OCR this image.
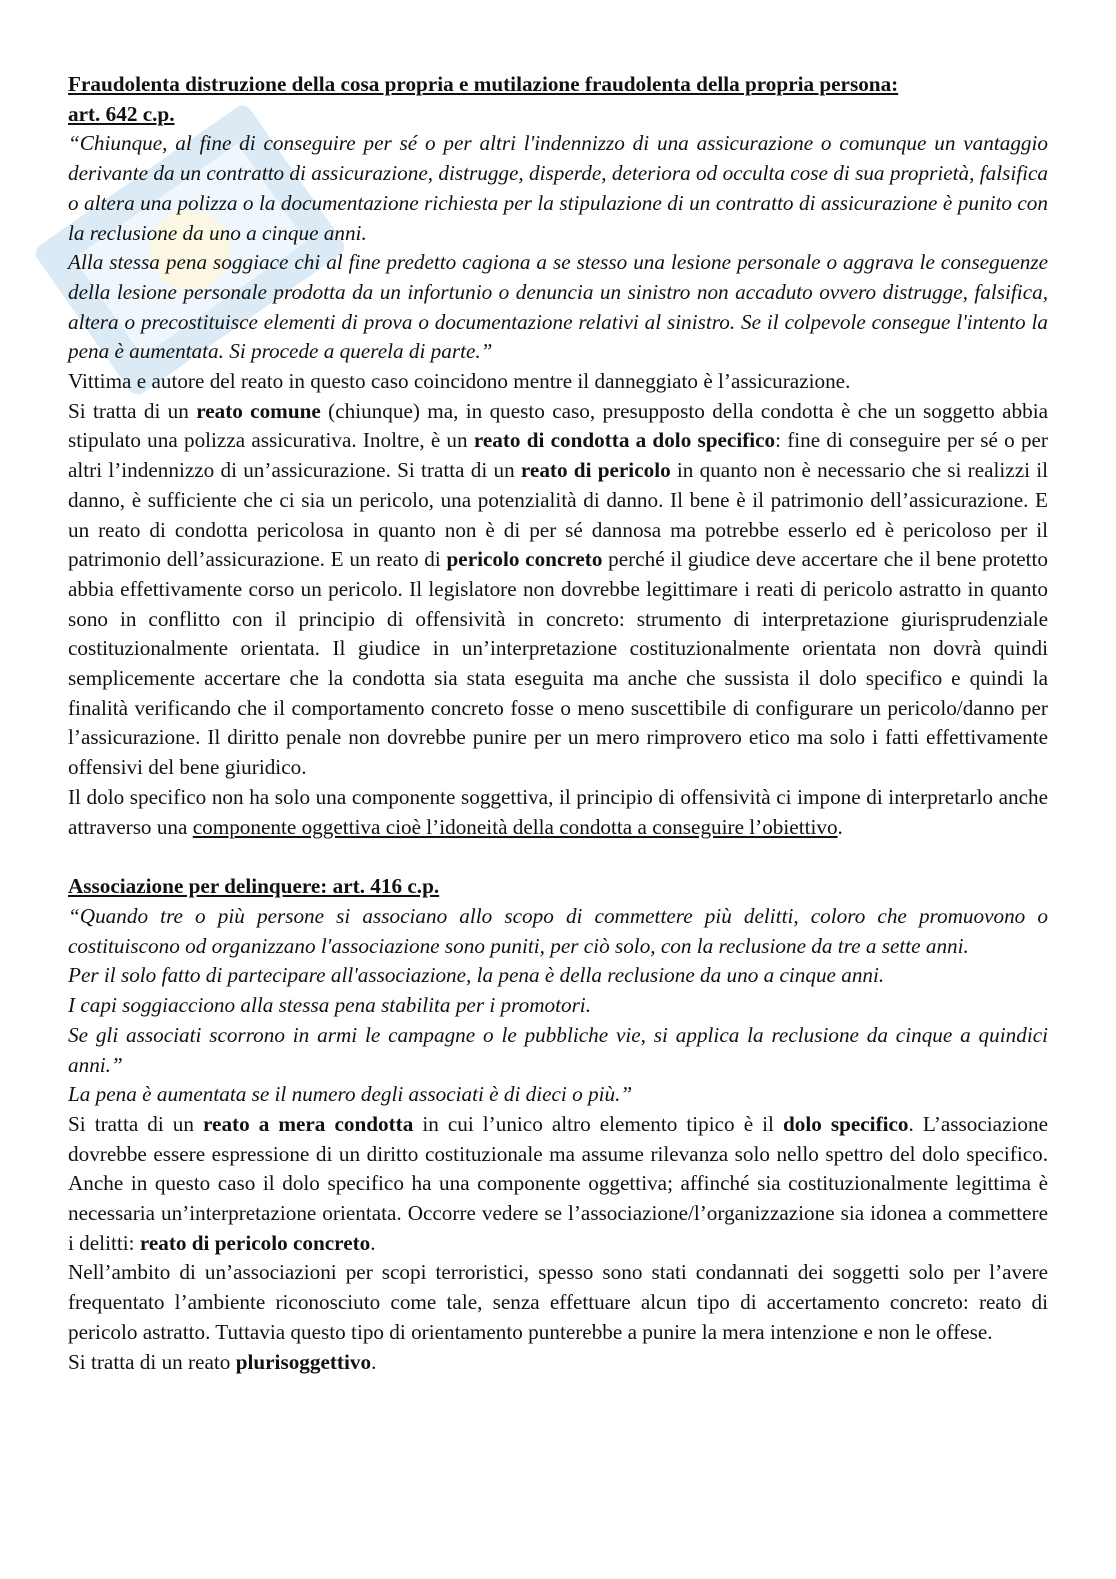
Fraudolenta distruzione della cosa propria e mutilazione fraudolenta della propria persona:
art. 642 c.p.

“Chiunque, al fine di conseguire per sé o per altri l'indennizzo di una assicurazione o comunque un vantaggio derivante da un contratto di assicurazione, distrugge, disperde, deteriora od occulta cose di sua proprietà, falsifica o altera una polizza o la documentazione richiesta per la stipulazione di un contratto di assicurazione è punito con la reclusione da uno a cinque anni.

Alla stessa pena soggiace chi al fine predetto cagiona a se stesso una lesione personale o aggrava le conseguenze della lesione personale prodotta da un infortunio o denuncia un sinistro non accaduto ovvero distrugge, falsifica, altera o precostituisce elementi di prova o documentazione relativi al sinistro. Se il colpevole consegue l'intento la pena è aumentata. Si procede a querela di parte.”

Vittima e autore del reato in questo caso coincidono mentre il danneggiato è l’assicurazione.

Si tratta di un reato comune (chiunque) ma, in questo caso, presupposto della condotta è che un soggetto abbia stipulato una polizza assicurativa. Inoltre, è un reato di condotta a dolo specifico: fine di conseguire per sé o per altri l’indennizzo di un’assicurazione. Si tratta di un reato di pericolo in quanto non è necessario che si realizzi il danno, è sufficiente che ci sia un pericolo, una potenzialità di danno. Il bene è il patrimonio dell’assicurazione. E un reato di condotta pericolosa in quanto non è di per sé dannosa ma potrebbe esserlo ed è pericoloso per il patrimonio dell’assicurazione. E un reato di pericolo concreto perché il giudice deve accertare che il bene protetto abbia effettivamente corso un pericolo. Il legislatore non dovrebbe legittimare i reati di pericolo astratto in quanto sono in conflitto con il principio di offensività in concreto: strumento di interpretazione giurisprudenziale costituzionalmente orientata. Il giudice in un’interpretazione costituzionalmente orientata non dovrà quindi semplicemente accertare che la condotta sia stata eseguita ma anche che sussista il dolo specifico e quindi la finalità verificando che il comportamento concreto fosse o meno suscettibile di configurare un pericolo/danno per l’assicurazione. Il diritto penale non dovrebbe punire per un mero rimprovero etico ma solo i fatti effettivamente offensivi del bene giuridico.

Il dolo specifico non ha solo una componente soggettiva, il principio di offensività ci impone di interpretarlo anche attraverso una componente oggettiva cioè l’idoneità della condotta a conseguire l’obiettivo.

Associazione per delinquere: art. 416 c.p.

“Quando tre o più persone si associano allo scopo di commettere più delitti, coloro che promuovono o costituiscono od organizzano l'associazione sono puniti, per ciò solo, con la reclusione da tre a sette anni.

Per il solo fatto di partecipare all'associazione, la pena è della reclusione da uno a cinque anni.

I capi soggiacciono alla stessa pena stabilita per i promotori.

Se gli associati scorrono in armi le campagne o le pubbliche vie, si applica la reclusione da cinque a quindici anni.”

La pena è aumentata se il numero degli associati è di dieci o più.”

Si tratta di un reato a mera condotta in cui l’unico altro elemento tipico è il dolo specifico. L’associazione dovrebbe essere espressione di un diritto costituzionale ma assume rilevanza solo nello spettro del dolo specifico. Anche in questo caso il dolo specifico ha una componente oggettiva; affinché sia costituzionalmente legittima è necessaria un’interpretazione orientata. Occorre vedere se l’associazione/l’organizzazione sia idonea a commettere i delitti: reato di pericolo concreto.

Nell’ambito di un’associazioni per scopi terroristici, spesso sono stati condannati dei soggetti solo per l’avere frequentato l’ambiente riconosciuto come tale, senza effettuare alcun tipo di accertamento concreto: reato di pericolo astratto. Tuttavia questo tipo di orientamento punterebbe a punire la mera intenzione e non le offese.

Si tratta di un reato plurisoggettivo.
